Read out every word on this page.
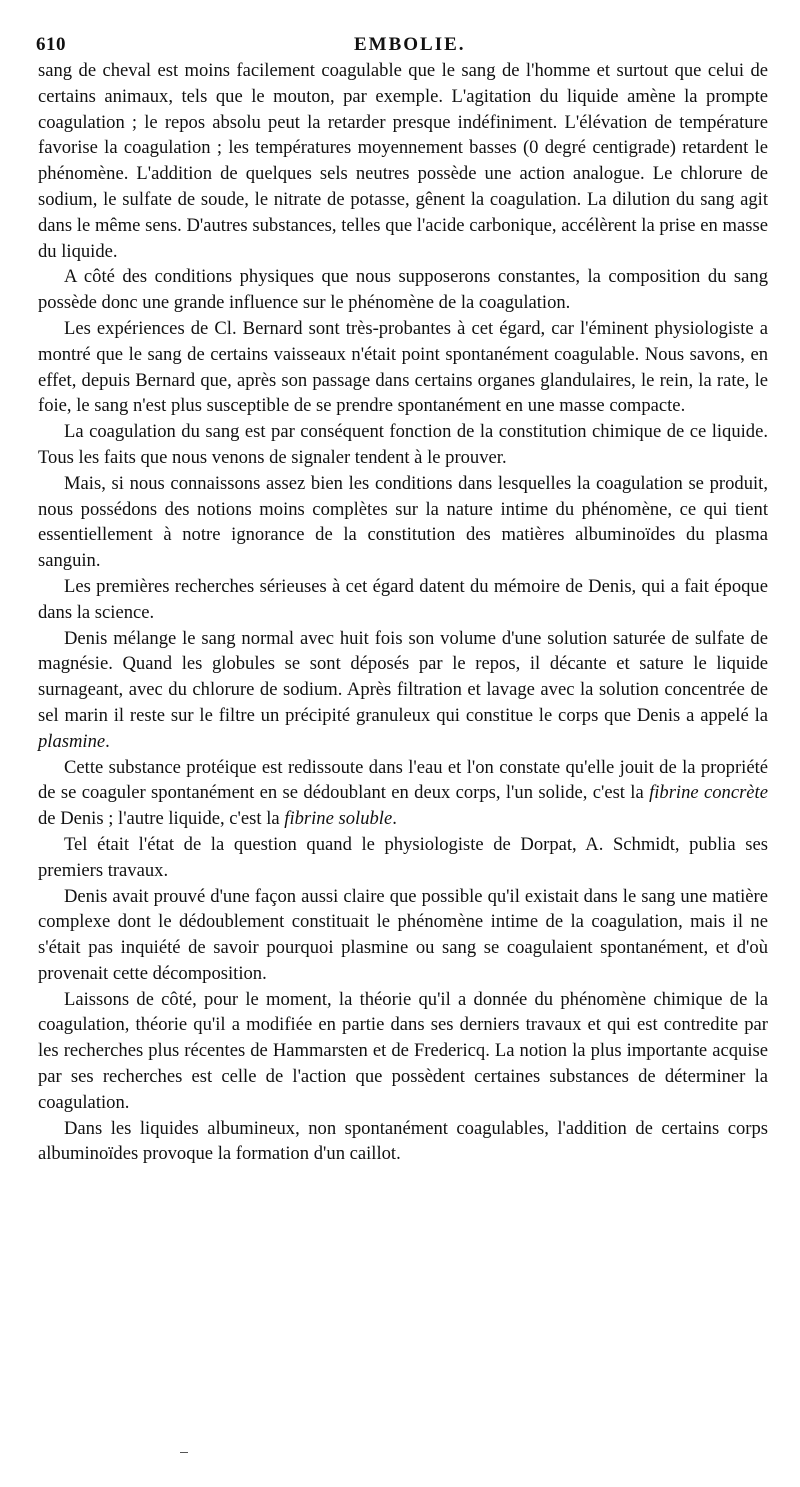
610	EMBOLIE.

sang de cheval est moins facilement coagulable que le sang de l'homme et surtout que celui de certains animaux, tels que le mouton, par exemple. L'agitation du liquide amène la prompte coagulation ; le repos absolu peut la retarder presque indéfiniment. L'élévation de température favorise la coagulation ; les températures moyennement basses (0 degré centigrade) retardent le phénomène. L'addition de quelques sels neutres possède une action analogue. Le chlorure de sodium, le sulfate de soude, le nitrate de potasse, gênent la coagulation. La dilution du sang agit dans le même sens. D'autres substances, telles que l'acide carbonique, accélèrent la prise en masse du liquide.

A côté des conditions physiques que nous supposerons constantes, la composition du sang possède donc une grande influence sur le phénomène de la coagulation.

Les expériences de Cl. Bernard sont très-probantes à cet égard, car l'éminent physiologiste a montré que le sang de certains vaisseaux n'était point spontanément coagulable. Nous savons, en effet, depuis Bernard que, après son passage dans certains organes glandulaires, le rein, la rate, le foie, le sang n'est plus susceptible de se prendre spontanément en une masse compacte.

La coagulation du sang est par conséquent fonction de la constitution chimique de ce liquide. Tous les faits que nous venons de signaler tendent à le prouver.

Mais, si nous connaissons assez bien les conditions dans lesquelles la coagulation se produit, nous possédons des notions moins complètes sur la nature intime du phénomène, ce qui tient essentiellement à notre ignorance de la constitution des matières albuminoïdes du plasma sanguin.

Les premières recherches sérieuses à cet égard datent du mémoire de Denis, qui a fait époque dans la science.

Denis mélange le sang normal avec huit fois son volume d'une solution saturée de sulfate de magnésie. Quand les globules se sont déposés par le repos, il décante et sature le liquide surnageant, avec du chlorure de sodium. Après filtration et lavage avec la solution concentrée de sel marin il reste sur le filtre un précipité granuleux qui constitue le corps que Denis a appelé la plasmine.

Cette substance protéique est redissoute dans l'eau et l'on constate qu'elle jouit de la propriété de se coaguler spontanément en se dédoublant en deux corps, l'un solide, c'est la fibrine concrète de Denis ; l'autre liquide, c'est la fibrine soluble.

Tel était l'état de la question quand le physiologiste de Dorpat, A. Schmidt, publia ses premiers travaux.

Denis avait prouvé d'une façon aussi claire que possible qu'il existait dans le sang une matière complexe dont le dédoublement constituait le phénomène intime de la coagulation, mais il ne s'était pas inquiété de savoir pourquoi plasmine ou sang se coagulaient spontanément, et d'où provenait cette décomposition.

Laissons de côté, pour le moment, la théorie qu'il a donnée du phénomène chimique de la coagulation, théorie qu'il a modifiée en partie dans ses derniers travaux et qui est contredite par les recherches plus récentes de Hammarsten et de Fredericq. La notion la plus importante acquise par ses recherches est celle de l'action que possèdent certaines substances de déterminer la coagulation.

Dans les liquides albumineux, non spontanément coagulables, l'addition de certains corps albuminoïdes provoque la formation d'un caillot.
